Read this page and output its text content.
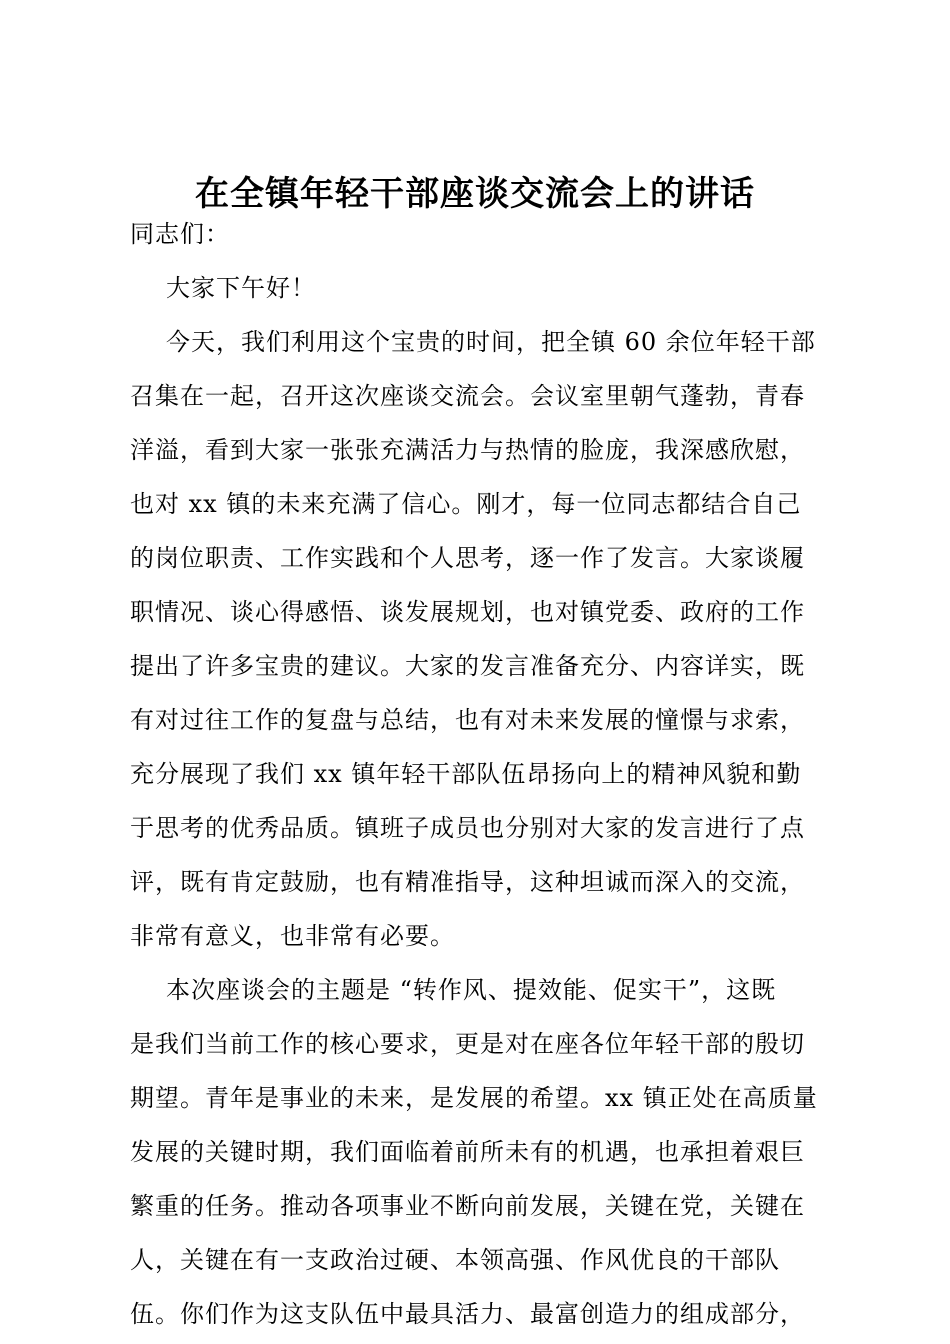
在全镇年轻干部座谈交流会上的讲话
同志们：
大家下午好！
今天，我们利用这个宝贵的时间，把全镇 60 余位年轻干部
召集在一起，召开这次座谈交流会。会议室里朝气蓬勃，青春
洋溢，看到大家一张张充满活力与热情的脸庞，我深感欣慰，
也对 xx 镇的未来充满了信心。刚才，每一位同志都结合自己
的岗位职责、工作实践和个人思考，逐一作了发言。大家谈履
职情况、谈心得感悟、谈发展规划，也对镇党委、政府的工作
提出了许多宝贵的建议。大家的发言准备充分、内容详实，既
有对过往工作的复盘与总结，也有对未来发展的憧憬与求索，
充分展现了我们 xx 镇年轻干部队伍昂扬向上的精神风貌和勤
于思考的优秀品质。镇班子成员也分别对大家的发言进行了点
评，既有肯定鼓励，也有精准指导，这种坦诚而深入的交流，
非常有意义，也非常有必要。
本次座谈会的主题是 “转作风、提效能、促实干”，这既
是我们当前工作的核心要求，更是对在座各位年轻干部的殷切
期望。青年是事业的未来，是发展的希望。xx 镇正处在高质量
发展的关键时期，我们面临着前所未有的机遇，也承担着艰巨
繁重的任务。推动各项事业不断向前发展，关键在党，关键在
人，关键在有一支政治过硬、本领高强、作风优良的干部队
伍。你们作为这支队伍中最具活力、最富创造力的组成部分，
